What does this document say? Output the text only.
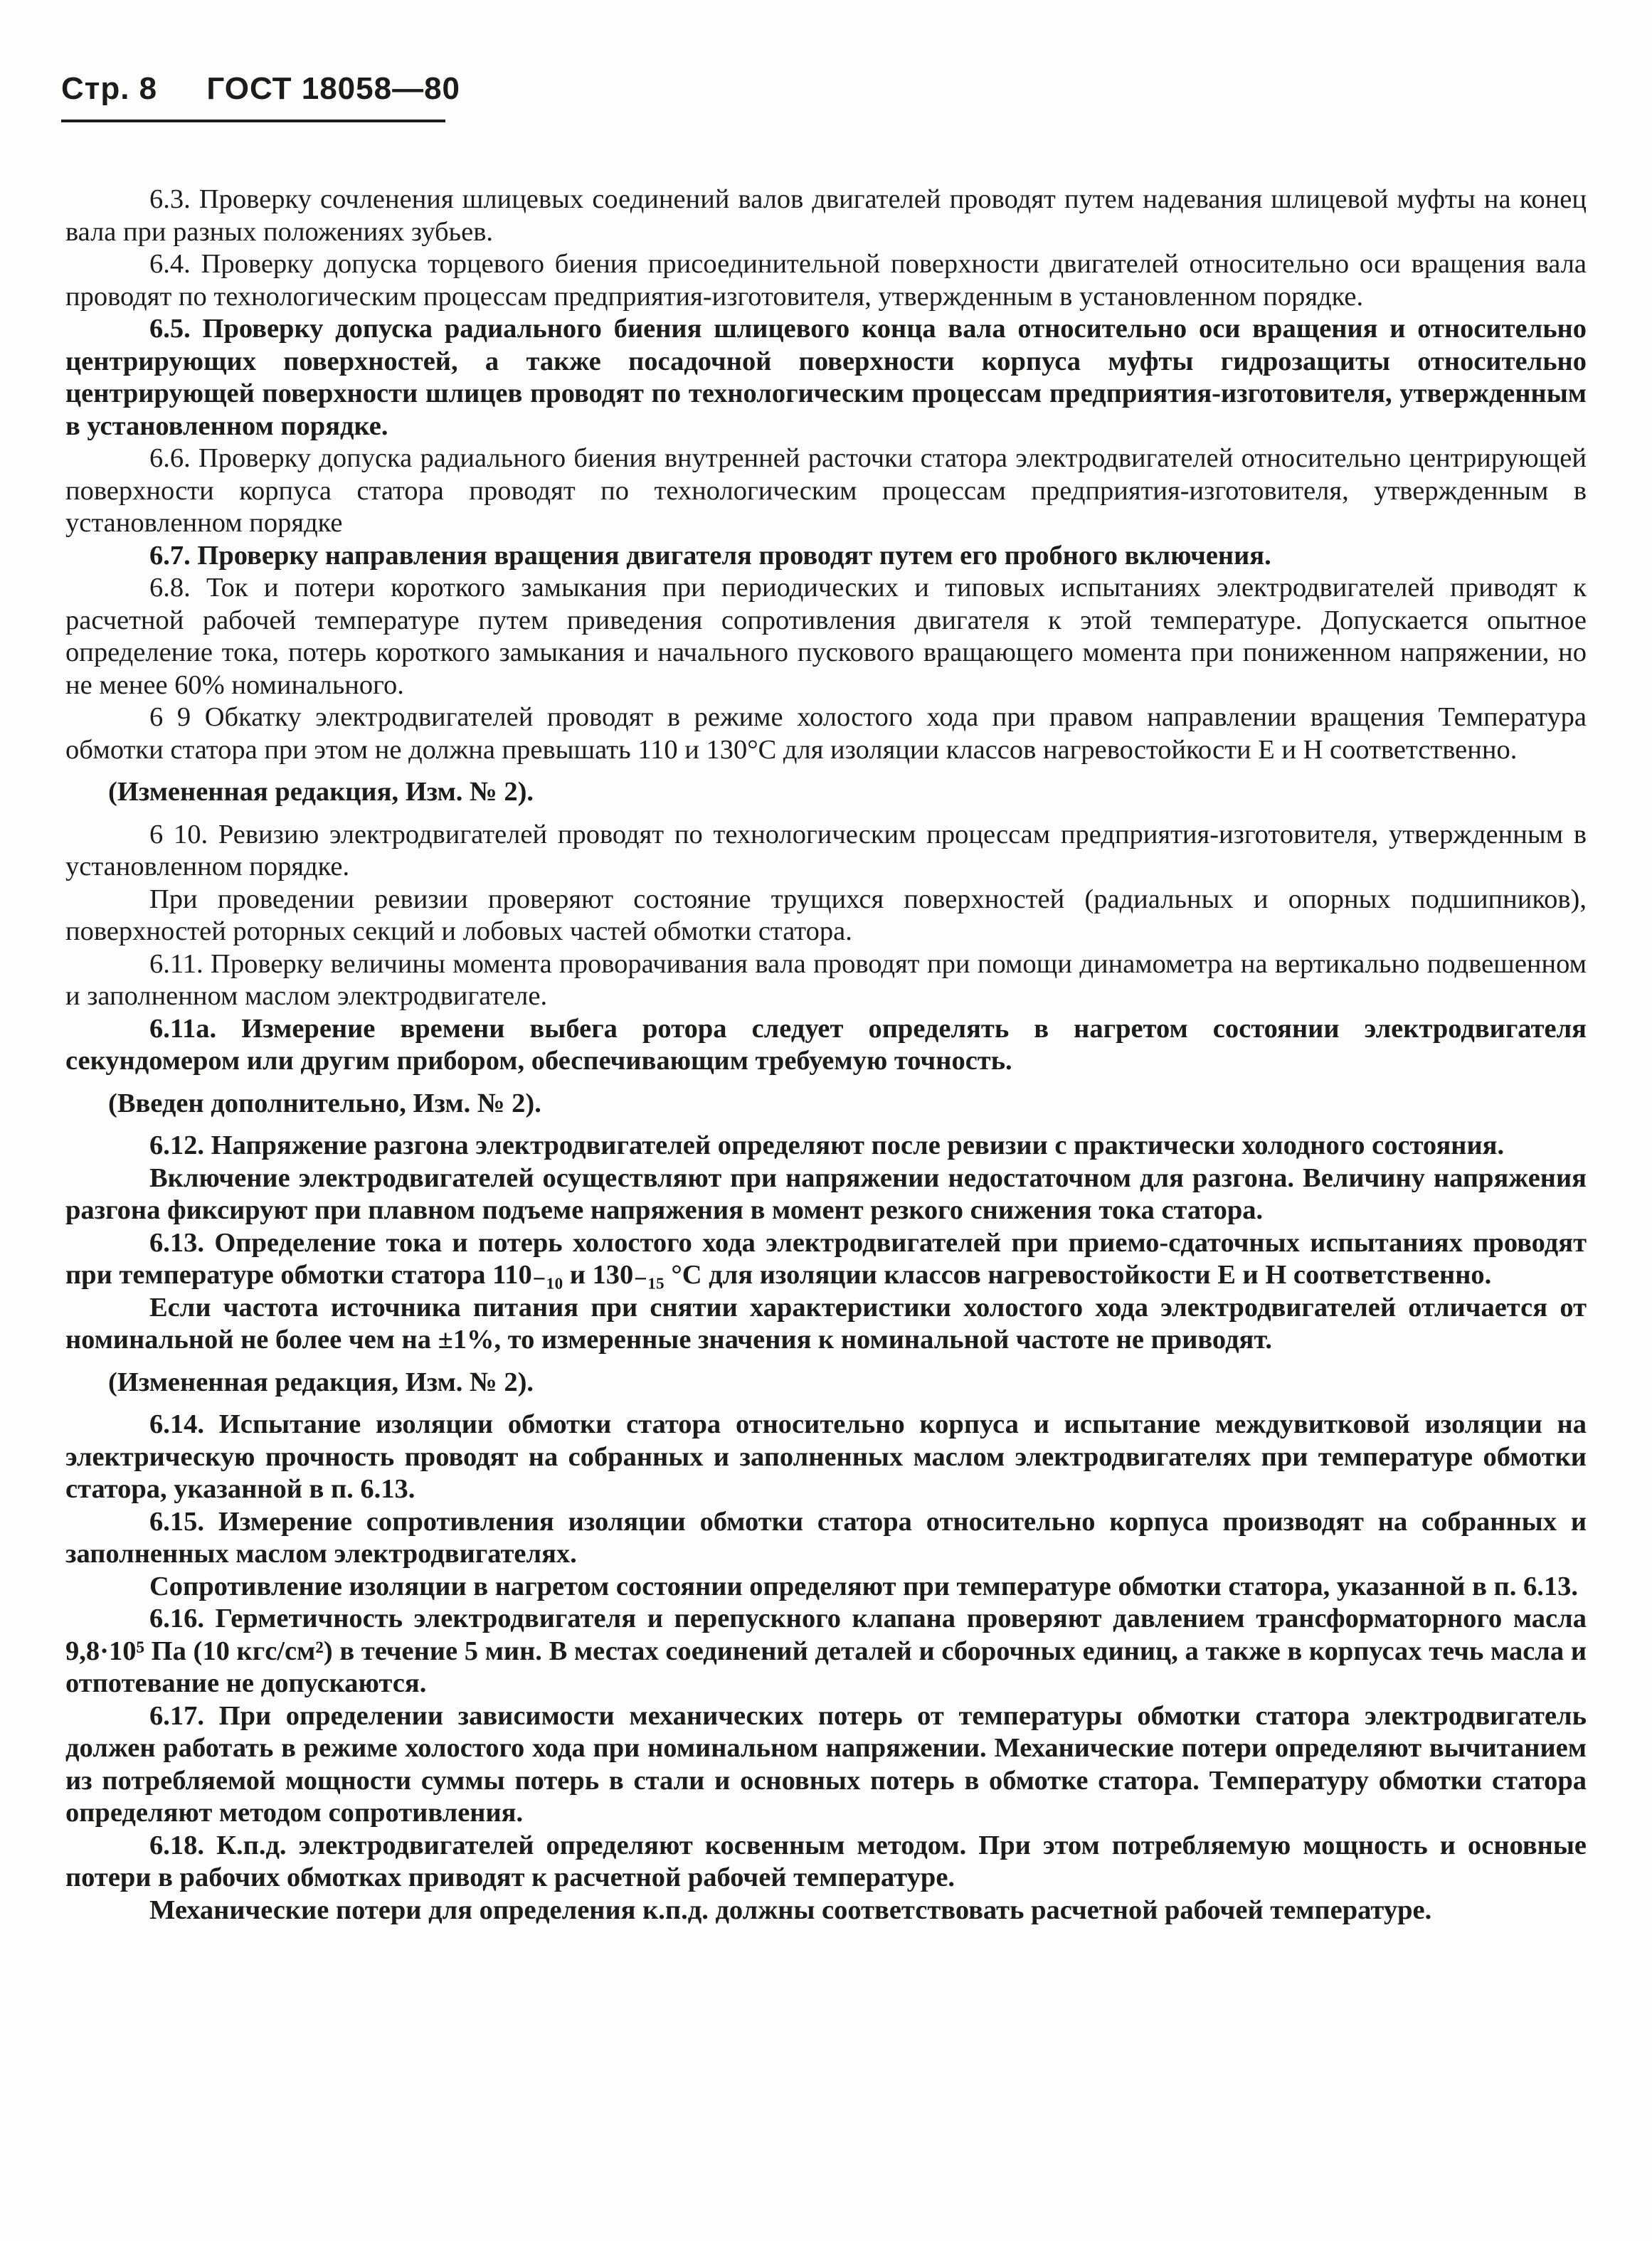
Стр. 8 ГОСТ 18058—80

6.3. Проверку сочленения шлицевых соединений валов двигателей проводят путем надевания шлицевой муфты на конец вала при разных положениях зубьев.

6.4. Проверку допуска торцевого биения присоединительной поверхности двигателей относительно оси вращения вала проводят по технологическим процессам предприятия-изготовителя, утвержденным в установленном порядке.

6.5. Проверку допуска радиального биения шлицевого конца вала относительно оси вращения и относительно центрирующих поверхностей, а также посадочной поверхности корпуса муфты гидрозащиты относительно центрирующей поверхности шлицев проводят по технологическим процессам предприятия-изготовителя, утвержденным в установленном порядке.

6.6. Проверку допуска радиального биения внутренней расточки статора электродвигателей относительно центрирующей поверхности корпуса статора проводят по технологическим процессам предприятия-изготовителя, утвержденным в установленном порядке

6.7. Проверку направления вращения двигателя проводят путем его пробного включения.

6.8. Ток и потери короткого замыкания при периодических и типовых испытаниях электродвигателей приводят к расчетной рабочей температуре путем приведения сопротивления двигателя к этой температуре. Допускается опытное определение тока, потерь короткого замыкания и начального пускового вращающего момента при пониженном напряжении, но не менее 60% номинального.

6 9 Обкатку электродвигателей проводят в режиме холостого хода при правом направлении вращения Температура обмотки статора при этом не должна превышать 110 и 130°С для изоляции классов нагревостойкости Е и Н соответственно.

(Измененная редакция, Изм. № 2).

6 10. Ревизию электродвигателей проводят по технологическим процессам предприятия-изготовителя, утвержденным в установленном порядке.

При проведении ревизии проверяют состояние трущихся поверхностей (радиальных и опорных подшипников), поверхностей роторных секций и лобовых частей обмотки статора.

6.11. Проверку величины момента проворачивания вала проводят при помощи динамометра на вертикально подвешенном и заполненном маслом электродвигателе.

6.11а. Измерение времени выбега ротора следует определять в нагретом состоянии электродвигателя секундомером или другим прибором, обеспечивающим требуемую точность.

(Введен дополнительно, Изм. № 2).

6.12. Напряжение разгона электродвигателей определяют после ревизии с практически холодного состояния.

Включение электродвигателей осуществляют при напряжении недостаточном для разгона. Величину напряжения разгона фиксируют при плавном подъеме напряжения в момент резкого снижения тока статора.

6.13. Определение тока и потерь холостого хода электродвигателей при приемо-сдаточных испытаниях проводят при температуре обмотки статора 110₋₁₀ и 130₋₁₅ °С для изоляции классов нагревостойкости Е и Н соответственно.

Если частота источника питания при снятии характеристики холостого хода электродвигателей отличается от номинальной не более чем на ±1%, то измеренные значения к номинальной частоте не приводят.

(Измененная редакция, Изм. № 2).

6.14. Испытание изоляции обмотки статора относительно корпуса и испытание междувитковой изоляции на электрическую прочность проводят на собранных и заполненных маслом электродвигателях при температуре обмотки статора, указанной в п. 6.13.

6.15. Измерение сопротивления изоляции обмотки статора относительно корпуса производят на собранных и заполненных маслом электродвигателях.

Сопротивление изоляции в нагретом состоянии определяют при температуре обмотки статора, указанной в п. 6.13.

6.16. Герметичность электродвигателя и перепускного клапана проверяют давлением трансформаторного масла 9,8·10⁵ Па (10 кгс/см²) в течение 5 мин. В местах соединений деталей и сборочных единиц, а также в корпусах течь масла и отпотевание не допускаются.

6.17. При определении зависимости механических потерь от температуры обмотки статора электродвигатель должен работать в режиме холостого хода при номинальном напряжении. Механические потери определяют вычитанием из потребляемой мощности суммы потерь в стали и основных потерь в обмотке статора. Температуру обмотки статора определяют методом сопротивления.

6.18. К.п.д. электродвигателей определяют косвенным методом. При этом потребляемую мощность и основные потери в рабочих обмотках приводят к расчетной рабочей температуре.

Механические потери для определения к.п.д. должны соответствовать расчетной рабочей температуре.
